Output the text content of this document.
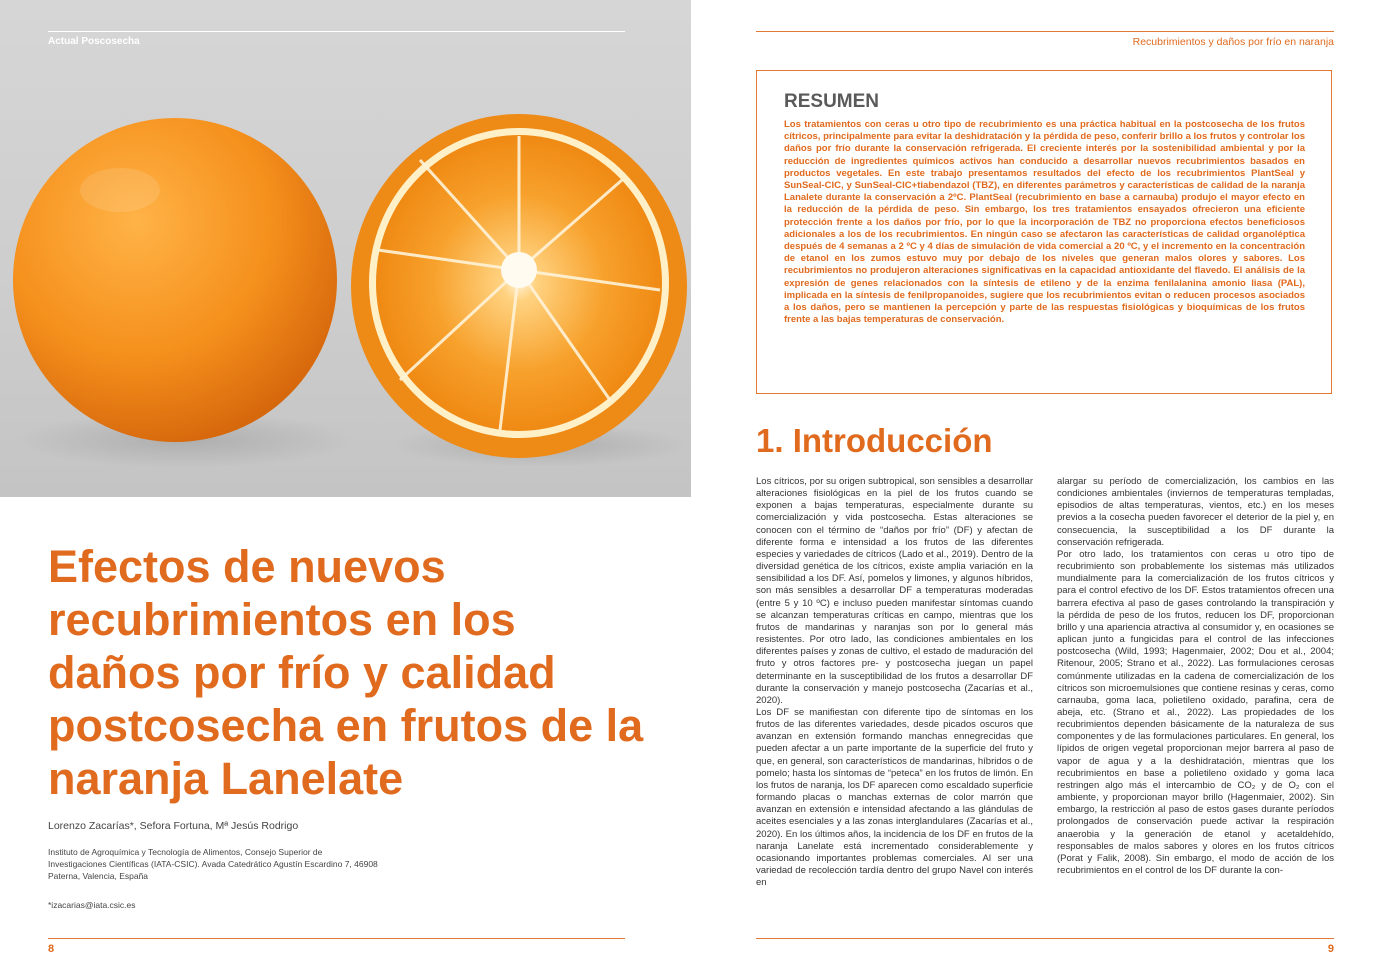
Actual Poscosecha
Efectos de nuevos recubrimientos en los daños por frío y calidad postcosecha en frutos de la naranja Lanelate
Lorenzo Zacarías*, Sefora Fortuna, Mª Jesús Rodrigo
Instituto de Agroquímica y Tecnología de Alimentos, Consejo Superior de Investigaciones Científicas (IATA-CSIC). Avada Catedrático Agustín Escardino 7, 46908 Paterna, Valencia, España
*izacarias@iata.csic.es
8
Recubrimientos y daños por frío en naranja
RESUMEN
Los tratamientos con ceras u otro tipo de recubrimiento es una práctica habitual en la postcosecha de los frutos cítricos, principalmente para evitar la deshidratación y la pérdida de peso, conferir brillo a los frutos y controlar los daños por frío durante la conservación refrigerada. El creciente interés por la sostenibilidad ambiental y por la reducción de ingredientes químicos activos han conducido a desarrollar nuevos recubrimientos basados en productos vegetales. En este trabajo presentamos resultados del efecto de los recubrimientos PlantSeal y SunSeal-CIC, y SunSeal-CIC+tiabendazol (TBZ), en diferentes parámetros y características de calidad de la naranja Lanalete durante la conservación a 2ºC. PlantSeal (recubrimiento en base a carnauba) produjo el mayor efecto en la reducción de la pérdida de peso. Sin embargo, los tres tratamientos ensayados ofrecieron una eficiente protección frente a los daños por frío, por lo que la incorporación de TBZ no proporciona efectos beneficiosos adicionales a los de los recubrimientos. En ningún caso se afectaron las características de calidad organoléptica después de 4 semanas a 2 ºC y 4 días de simulación de vida comercial a 20 ºC, y el incremento en la concentración de etanol en los zumos estuvo muy por debajo de los niveles que generan malos olores y sabores. Los recubrimientos no produjeron alteraciones significativas en la capacidad antioxidante del flavedo. El análisis de la expresión de genes relacionados con la síntesis de etileno y de la enzima fenilalanina amonio liasa (PAL), implicada en la síntesis de fenilpropanoides, sugiere que los recubrimientos evitan o reducen procesos asociados a los daños, pero se mantienen la percepción y parte de las respuestas fisiológicas y bioquímicas de los frutos frente a las bajas temperaturas de conservación.
1. Introducción

Los cítricos, por su origen subtropical, son sensibles a desarrollar alteraciones fisiológicas en la piel de los frutos cuando se exponen a bajas temperaturas, especialmente durante su comercialización y vida postcosecha. Estas alteraciones se conocen con el término de “daños por frío” (DF) y afectan de diferente forma e intensidad a los frutos de las diferentes especies y variedades de cítricos (Lado et al., 2019). Dentro de la diversidad genética de los cítricos, existe amplia variación en la sensibilidad a los DF. Así, pomelos y limones, y algunos híbridos, son más sensibles a desarrollar DF a temperaturas moderadas (entre 5 y 10 ºC) e incluso pueden manifestar síntomas cuando se alcanzan temperaturas críticas en campo, mientras que los frutos de mandarinas y naranjas son por lo general más resistentes. Por otro lado, las condiciones ambientales en los diferentes países y zonas de cultivo, el estado de maduración del fruto y otros factores pre- y postcosecha juegan un papel determinante en la susceptibilidad de los frutos a desarrollar DF durante la conservación y manejo postcosecha (Zacarías et al., 2020).

Los DF se manifiestan con diferente tipo de síntomas en los frutos de las diferentes variedades, desde picados oscuros que avanzan en extensión formando manchas ennegrecidas que pueden afectar a un parte importante de la superficie del fruto y que, en general, son característicos de mandarinas, híbridos o de pomelo; hasta los síntomas de “peteca” en los frutos de limón. En los frutos de naranja, los DF aparecen como escaldado superficie formando placas o manchas externas de color marrón que avanzan en extensión e intensidad afectando a las glándulas de aceites esenciales y a las zonas interglandulares (Zacarías et al., 2020). En los últimos años, la incidencia de los DF en frutos de la naranja Lanelate está incrementado considerablemente y ocasionando importantes problemas comerciales. Al ser una variedad de recolección tardía dentro del grupo Navel con interés en

alargar su período de comercialización, los cambios en las condiciones ambientales (inviernos de temperaturas templadas, episodios de altas temperaturas, vientos, etc.) en los meses previos a la cosecha pueden favorecer el deterior de la piel y, en consecuencia, la susceptibilidad a los DF durante la conservación refrigerada.

Por otro lado, los tratamientos con ceras u otro tipo de recubrimiento son probablemente los sistemas más utilizados mundialmente para la comercialización de los frutos cítricos y para el control efectivo de los DF. Estos tratamientos ofrecen una barrera efectiva al paso de gases controlando la transpiración y la pérdida de peso de los frutos, reducen los DF, proporcionan brillo y una apariencia atractiva al consumidor y, en ocasiones se aplican junto a fungicidas para el control de las infecciones postcosecha (Wild, 1993; Hagenmaier, 2002; Dou et al., 2004; Ritenour, 2005; Strano et al., 2022). Las formulaciones cerosas comúnmente utilizadas en la cadena de comercialización de los cítricos son microemulsiones que contiene resinas y ceras, como carnauba, goma laca, polietileno oxidado, parafina, cera de abeja, etc. (Strano et al., 2022). Las propiedades de los recubrimientos dependen básicamente de la naturaleza de sus componentes y de las formulaciones particulares. En general, los lípidos de origen vegetal proporcionan mejor barrera al paso de vapor de agua y a la deshidratación, mientras que los recubrimientos en base a polietileno oxidado y goma laca restringen algo más el intercambio de CO₂ y de O₂ con el ambiente, y proporcionan mayor brillo (Hagenmaier, 2002). Sin embargo, la restricción al paso de estos gases durante períodos prolongados de conservación puede activar la respiración anaerobia y la generación de etanol y acetaldehído, responsables de malos sabores y olores en los frutos cítricos (Porat y Falik, 2008). Sin embargo, el modo de acción de los recubrimientos en el control de los DF durante la con-

9
